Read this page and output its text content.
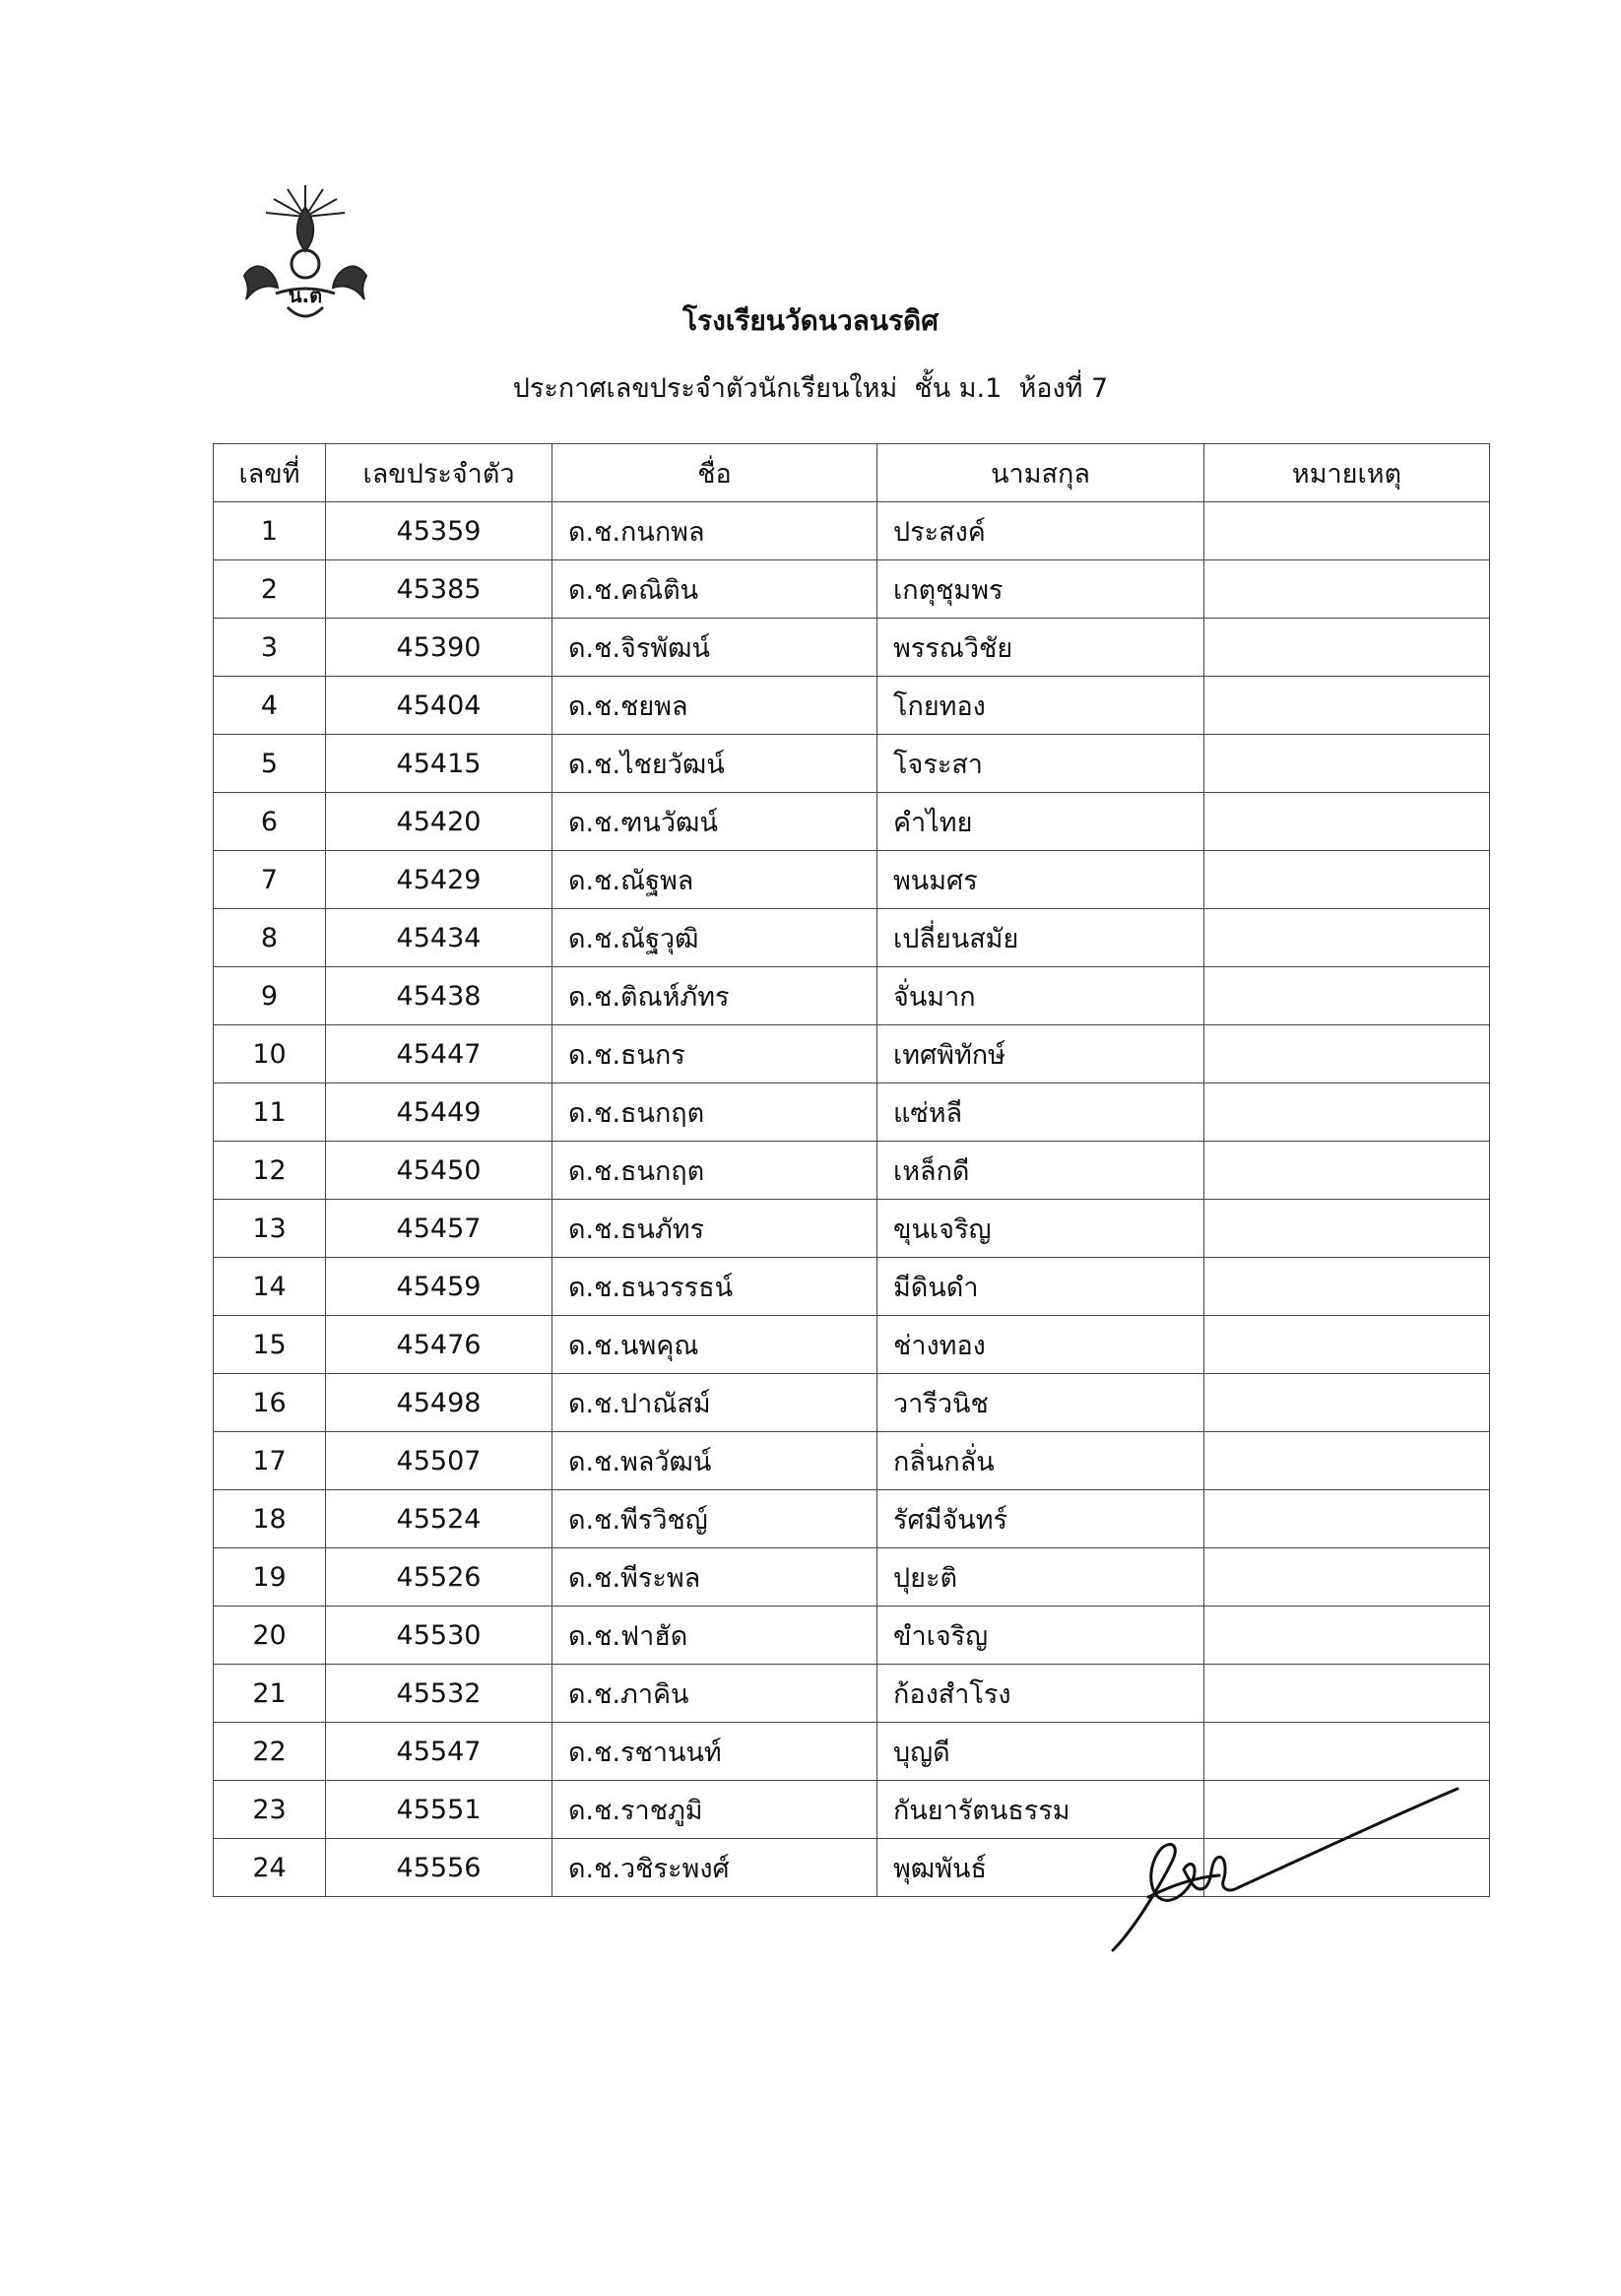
น.ต
โรงเรียนวัดนวลนรดิศ
ประกาศเลขประจำตัวนักเรียนใหม่  ชั้น ม.1  ห้องที่ 7
เลขที่	เลขประจำตัว	ชื่อ	นามสกุล	หมายเหตุ
1	45359	ด.ช.กนกพล	ประสงค์	
2	45385	ด.ช.คณิติน	เกตุชุมพร	
3	45390	ด.ช.จิรพัฒน์	พรรณวิชัย	
4	45404	ด.ช.ชยพล	โกยทอง	
5	45415	ด.ช.ไชยวัฒน์	โจระสา	
6	45420	ด.ช.ฑนวัฒน์	คำไทย	
7	45429	ด.ช.ณัฐพล	พนมศร	
8	45434	ด.ช.ณัฐวุฒิ	เปลี่ยนสมัย	
9	45438	ด.ช.ติณห์ภัทร	จั่นมาก	
10	45447	ด.ช.ธนกร	เทศพิทักษ์	
11	45449	ด.ช.ธนกฤต	แซ่หลี	
12	45450	ด.ช.ธนกฤต	เหล็กดี	
13	45457	ด.ช.ธนภัทร	ขุนเจริญ	
14	45459	ด.ช.ธนวรรธน์	มีดินดำ	
15	45476	ด.ช.นพคุณ	ช่างทอง	
16	45498	ด.ช.ปาณัสม์	วารีวนิช	
17	45507	ด.ช.พลวัฒน์	กลิ่นกลั่น	
18	45524	ด.ช.พีรวิชญ์	รัศมีจันทร์	
19	45526	ด.ช.พีระพล	ปุยะติ	
20	45530	ด.ช.ฟาฮัด	ขำเจริญ	
21	45532	ด.ช.ภาคิน	ก้องสำโรง	
22	45547	ด.ช.รชานนท์	บุญดี	
23	45551	ด.ช.ราชภูมิ	กันยารัตนธรรม	
24	45556	ด.ช.วชิระพงศ์	พุฒพันธ์	
